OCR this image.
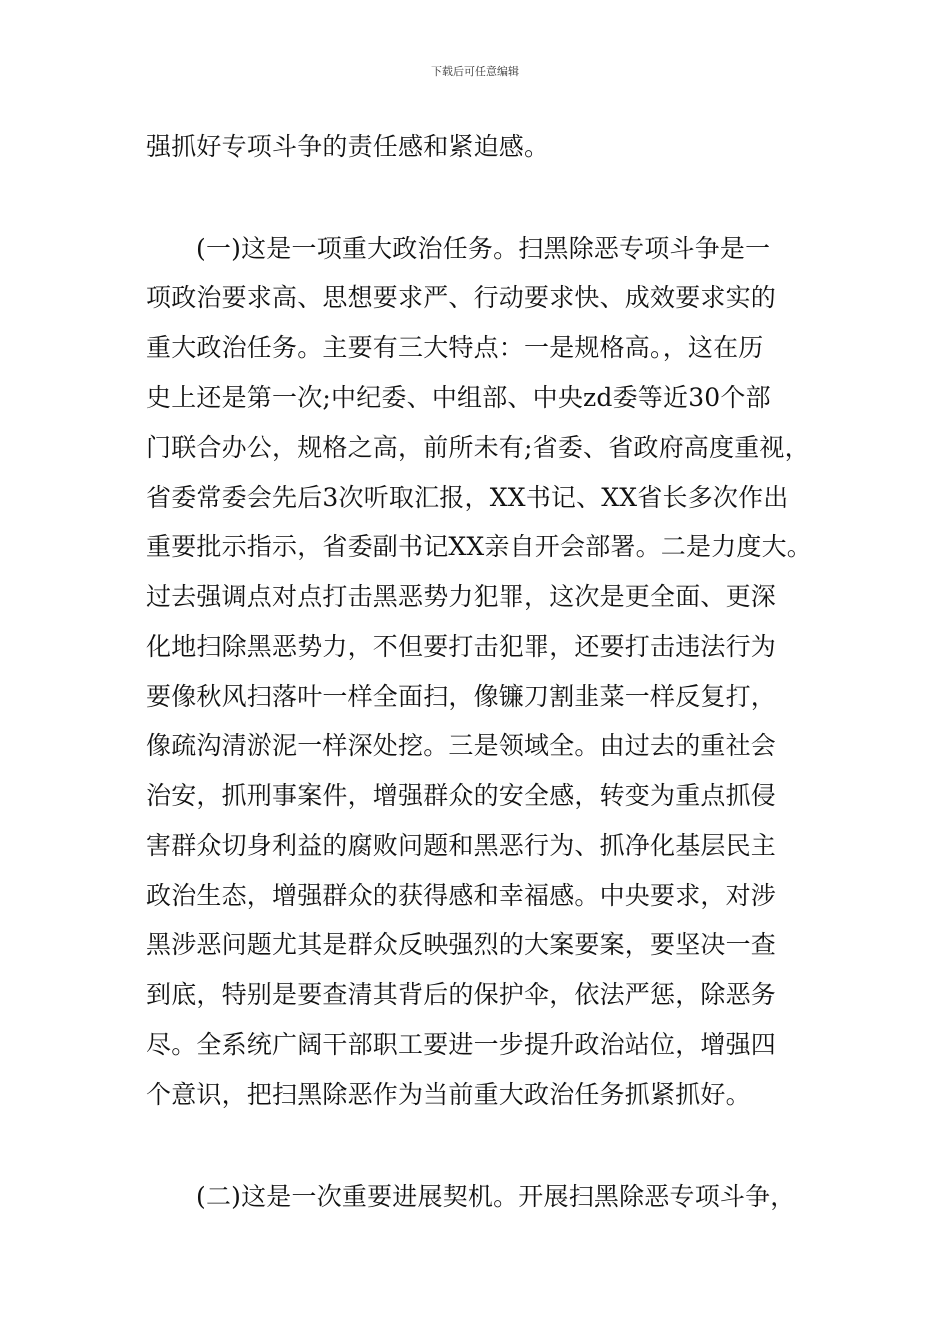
下载后可任意编辑
强抓好专项斗争的责任感和紧迫感。
(一)这是一项重大政治任务。扫黑除恶专项斗争是一
项政治要求高、思想要求严、行动要求快、成效要求实的
重大政治任务。主要有三大特点：一是规格高。，这在历
史上还是第一次;中纪委、中组部、中央zd委等近30个部
门联合办公，规格之高，前所未有;省委、省政府高度重视，
省委常委会先后3次听取汇报，XX书记、XX省长多次作出
重要批示指示，省委副书记XX亲自开会部署。二是力度大。
过去强调点对点打击黑恶势力犯罪，这次是更全面、更深
化地扫除黑恶势力，不但要打击犯罪，还要打击违法行为
要像秋风扫落叶一样全面扫，像镰刀割韭菜一样反复打，
像疏沟清淤泥一样深处挖。三是领域全。由过去的重社会
治安，抓刑事案件，增强群众的安全感，转变为重点抓侵
害群众切身利益的腐败问题和黑恶行为、抓净化基层民主
政治生态，增强群众的获得感和幸福感。中央要求，对涉
黑涉恶问题尤其是群众反映强烈的大案要案，要坚决一查
到底，特别是要查清其背后的保护伞，依法严惩，除恶务
尽。全系统广阔干部职工要进一步提升政治站位，增强四
个意识，把扫黑除恶作为当前重大政治任务抓紧抓好。
(二)这是一次重要进展契机。开展扫黑除恶专项斗争，
